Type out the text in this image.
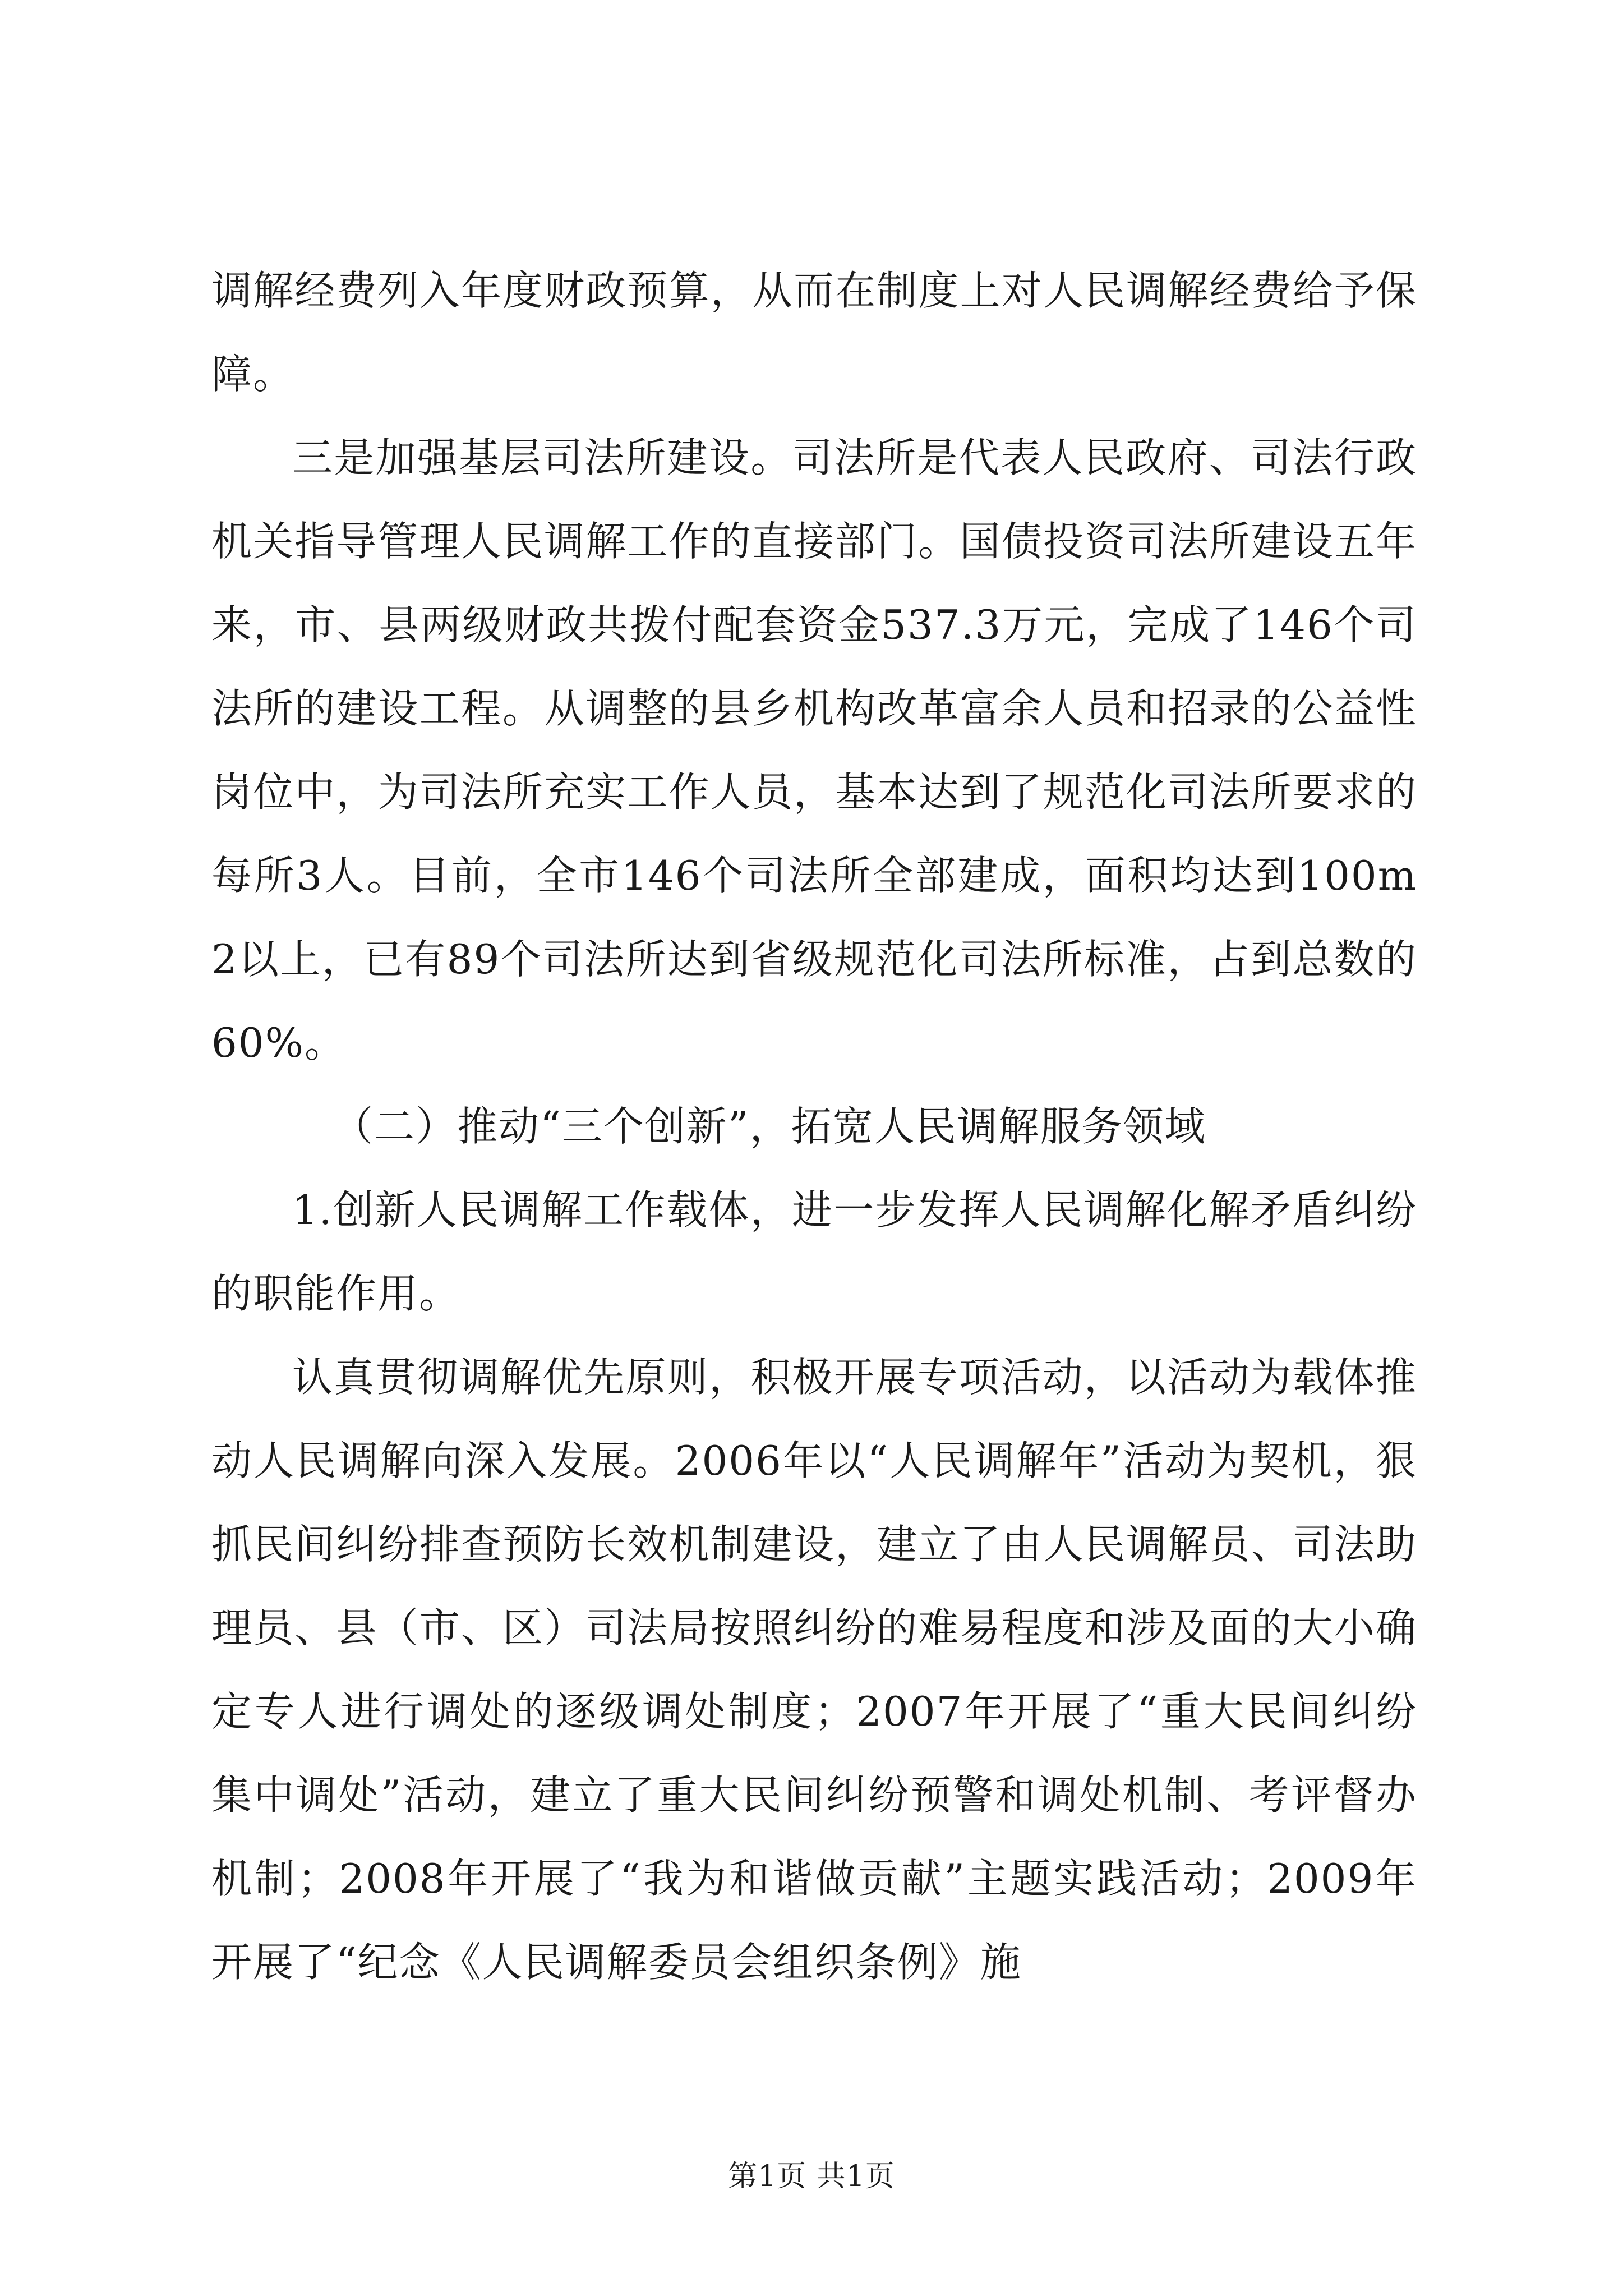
调解经费列入年度财政预算，从而在制度上对人民调解经费给予保障。

三是加强基层司法所建设。司法所是代表人民政府、司法行政机关指导管理人民调解工作的直接部门。国债投资司法所建设五年来，市、县两级财政共拨付配套资金537.3万元，完成了146个司法所的建设工程。从调整的县乡机构改革富余人员和招录的公益性岗位中，为司法所充实工作人员，基本达到了规范化司法所要求的每所3人。目前，全市146个司法所全部建成，面积均达到100m2以上，已有89个司法所达到省级规范化司法所标准，占到总数的60%。

（二）推动“三个创新”，拓宽人民调解服务领域

1.创新人民调解工作载体，进一步发挥人民调解化解矛盾纠纷的职能作用。

认真贯彻调解优先原则，积极开展专项活动，以活动为载体推动人民调解向深入发展。2006年以“人民调解年”活动为契机，狠抓民间纠纷排查预防长效机制建设，建立了由人民调解员、司法助理员、县（市、区）司法局按照纠纷的难易程度和涉及面的大小确定专人进行调处的逐级调处制度；2007年开展了“重大民间纠纷集中调处”活动，建立了重大民间纠纷预警和调处机制、考评督办机制；2008年开展了“我为和谐做贡献”主题实践活动；2009年开展了“纪念《人民调解委员会组织条例》施

第1页 共1页
